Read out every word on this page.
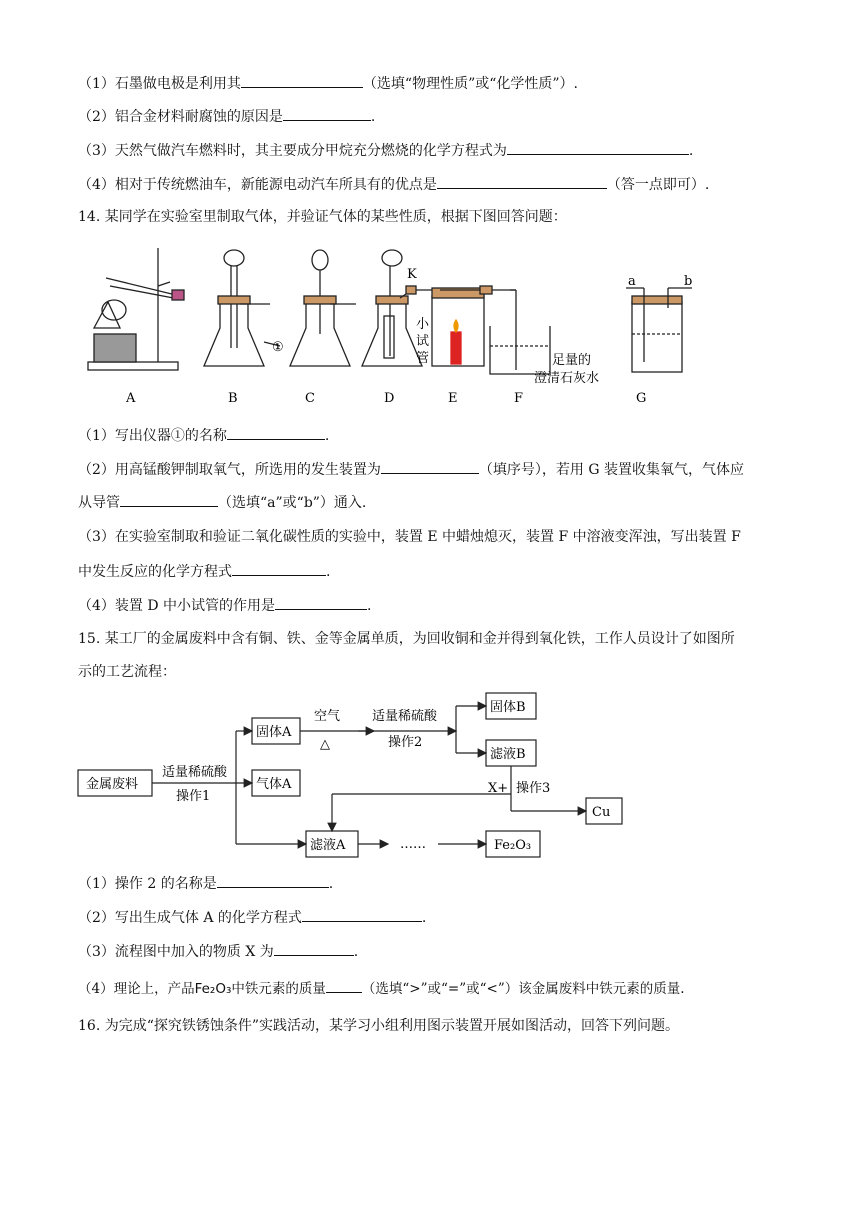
（1）石墨做电极是利用其	（选填“物理性质”或“化学性质”）.
（2）铝合金材料耐腐蚀的原因是	.
（3）天然气做汽车燃料时，其主要成分甲烷充分燃烧的化学方程式为	.
（4）相对于传统燃油车，新能源电动汽车所具有的优点是	（答一点即可）.
14. 某同学在实验室里制取气体，并验证气体的某些性质，根据下图回答问题：
①
K
小
试
管	足量的
澄清石灰水
a	b
A	B	C	D	E	F	G
（1）写出仪器①的名称	.
（2）用高锰酸钾制取氧气，所选用的发生装置为	（填序号），若用 G 装置收集氧气，气体应
从导管	（选填“a”或“b”）通入.
（3）在实验室制取和验证二氧化碳性质的实验中，装置 E 中蜡烛熄灭，装置 F 中溶液变浑浊，写出装置 F
中发生反应的化学方程式	.
（4）装置 D 中小试管的作用是	.
15. 某工厂的金属废料中含有铜、铁、金等金属单质，为回收铜和金并得到氧化铁，工作人员设计了如图所
示的工艺流程：
金属废料
适量稀硫酸
操作1
固体A
气体A
空气
△
适量稀硫酸
操作2
固体B
滤液B
X+ 操作3
Cu
滤液A	……	Fe₂O₃
（1）操作 2 的名称是	.
（2）写出生成气体 A 的化学方程式	.
（3）流程图中加入的物质 X 为	.
（4）理论上，产品Fe₂O₃中铁元素的质量	（选填“>”或“=”或“<”）该金属废料中铁元素的质量.
16. 为完成“探究铁锈蚀条件”实践活动，某学习小组利用图示装置开展如图活动，回答下列问题。
